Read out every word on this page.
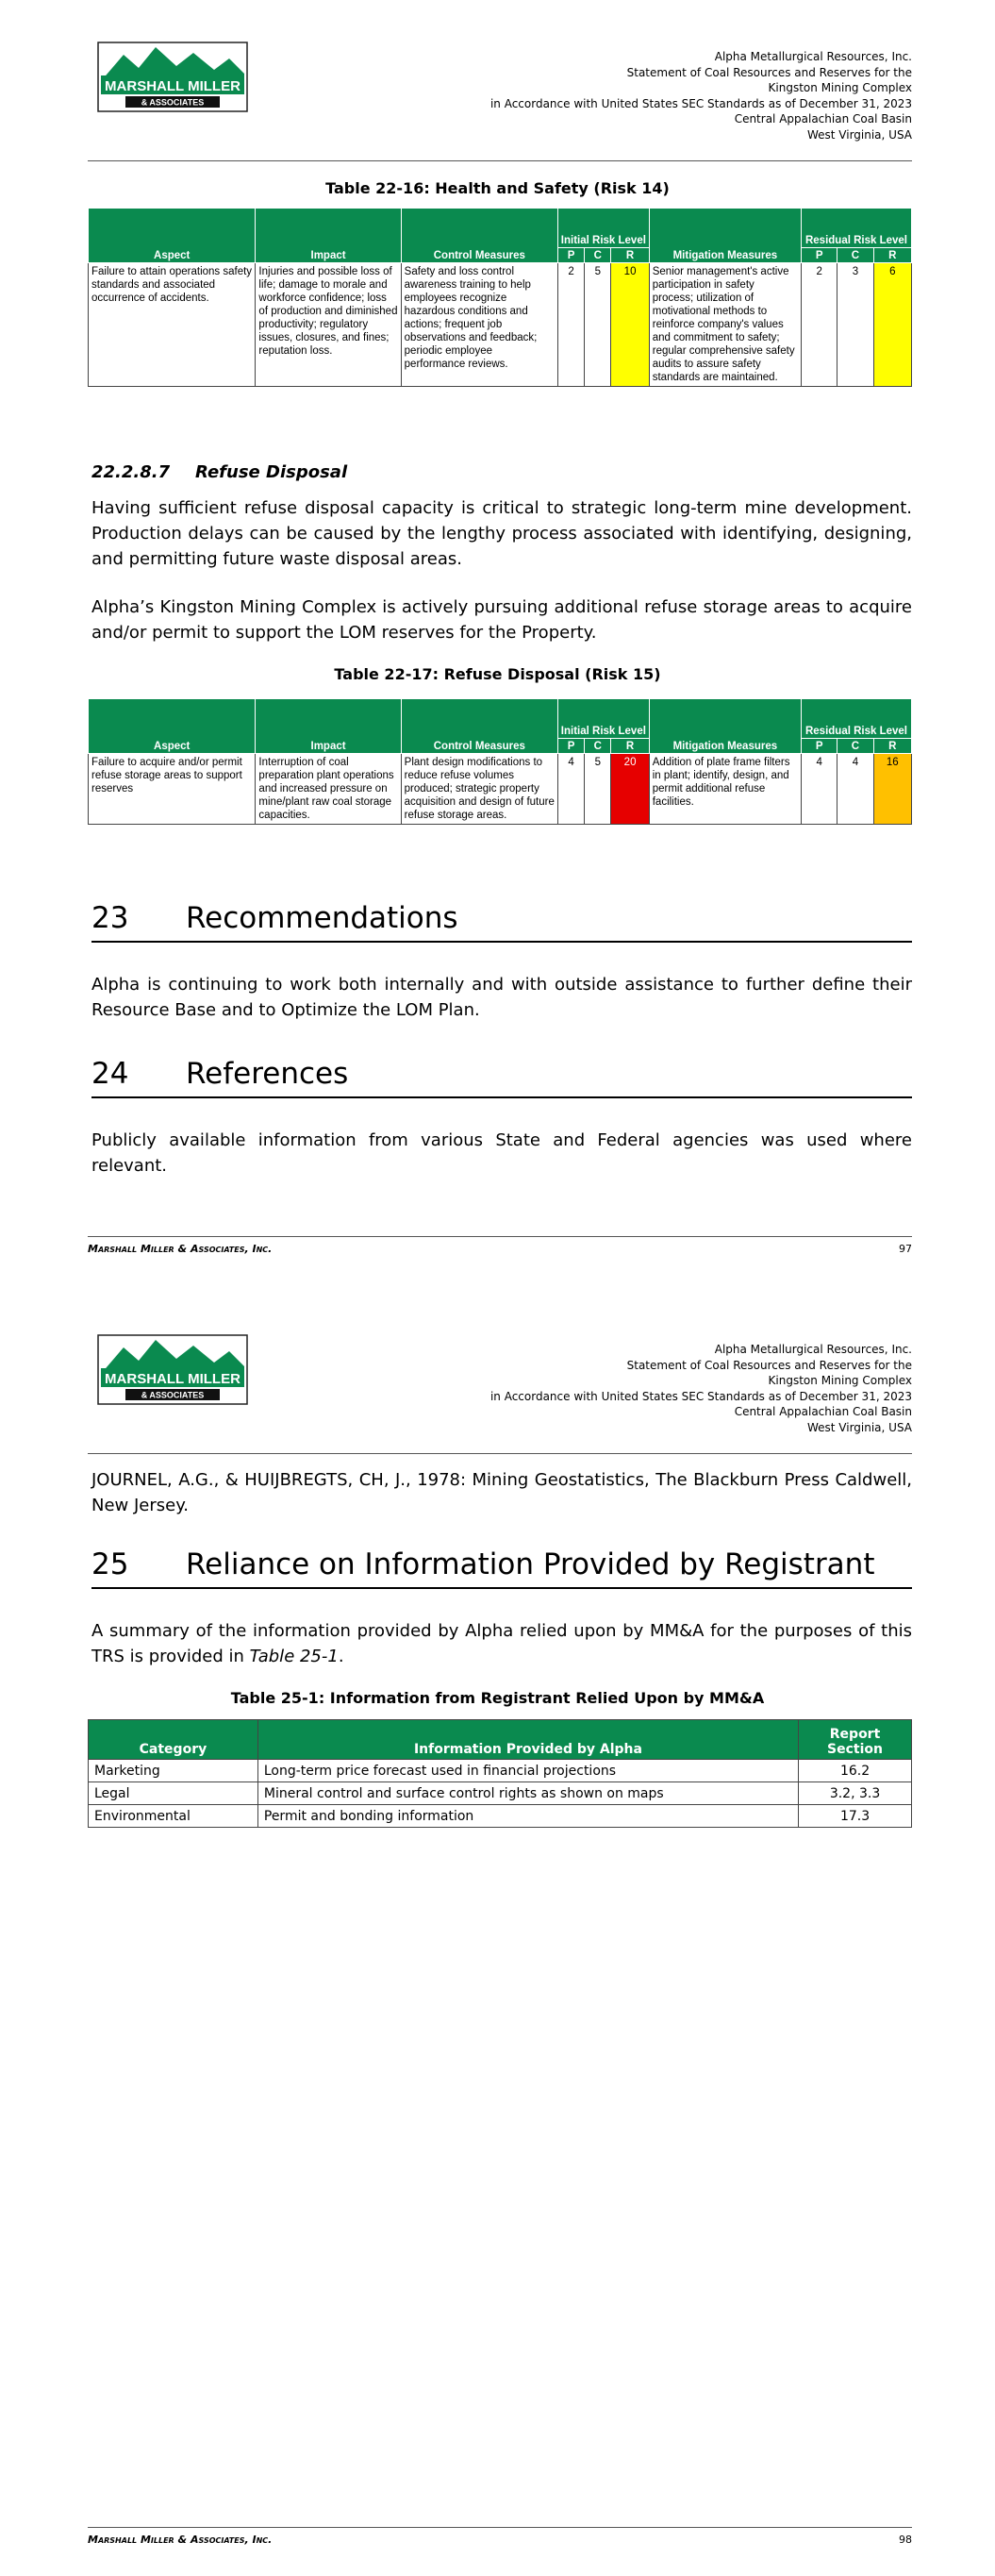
MARSHALL MILLER
& ASSOCIATES
Alpha Metallurgical Resources, Inc.
Statement of Coal Resources and Reserves for the
Kingston Mining Complex
in Accordance with United States SEC Standards as of December 31, 2023
Central Appalachian Coal Basin
West Virginia, USA
Table 22-16: Health and Safety (Risk 14)
Aspect	Impact	Control Measures	Initial Risk Level			Mitigation Measures	Residual Risk Level		
			P	C	R		P	C	R
Failure to attain operations safety standards and associated occurrence of accidents.	Injuries and possible loss of life; damage to morale and workforce confidence; loss of production and diminished productivity; regulatory issues, closures, and fines; reputation loss.	Safety and loss control awareness training to help employees recognize hazardous conditions and actions; frequent job observations and feedback; periodic employee performance reviews.	2	5	10	Senior management's active participation in safety process; utilization of motivational methods to reinforce company's values and commitment to safety; regular comprehensive safety audits to assure safety standards are maintained.	2	3	6
22.2.8.7 Refuse Disposal
Having sufficient refuse disposal capacity is critical to strategic long-term mine development. Production delays can be caused by the lengthy process associated with identifying, designing, and permitting future waste disposal areas.
Alpha’s Kingston Mining Complex is actively pursuing additional refuse storage areas to acquire and/or permit to support the LOM reserves for the Property.
Table 22-17: Refuse Disposal (Risk 15)
Aspect	Impact	Control Measures	Initial Risk Level			Mitigation Measures	Residual Risk Level		
			P	C	R		P	C	R
Failure to acquire and/or permit refuse storage areas to support reserves	Interruption of coal preparation plant operations and increased pressure on mine/plant raw coal storage capacities.	Plant design modifications to reduce refuse volumes produced; strategic property acquisition and design of future refuse storage areas.	4	5	20	Addition of plate frame filters in plant; identify, design, and permit additional refuse facilities.	4	4	16
23 Recommendations
Alpha is continuing to work both internally and with outside assistance to further define their Resource Base and to Optimize the LOM Plan.
24 References
Publicly available information from various State and Federal agencies was used where relevant.
Marshall Miller & Associates, Inc.	97
MARSHALL MILLER
& ASSOCIATES
Alpha Metallurgical Resources, Inc.
Statement of Coal Resources and Reserves for the
Kingston Mining Complex
in Accordance with United States SEC Standards as of December 31, 2023
Central Appalachian Coal Basin
West Virginia, USA
JOURNEL, A.G., & HUIJBREGTS, CH, J., 1978: Mining Geostatistics, The Blackburn Press Caldwell, New Jersey.
25 Reliance on Information Provided by Registrant
A summary of the information provided by Alpha relied upon by MM&A for the purposes of this TRS is provided in Table 25-1.
Table 25-1: Information from Registrant Relied Upon by MM&A
Category	Information Provided by Alpha	Report Section
Marketing	Long-term price forecast used in financial projections	16.2
Legal	Mineral control and surface control rights as shown on maps	3.2, 3.3
Environmental	Permit and bonding information	17.3
Marshall Miller & Associates, Inc.	98
